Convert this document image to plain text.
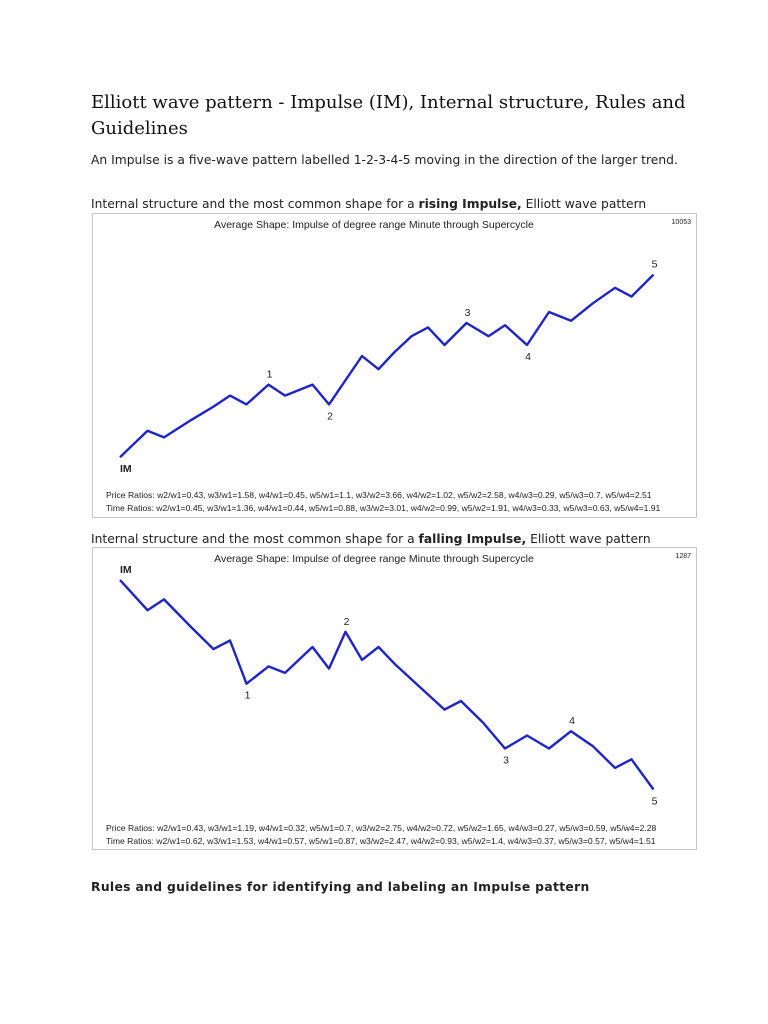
Elliott wave pattern - Impulse (IM), Internal structure, Rules and Guidelines

An Impulse is a five-wave pattern labelled 1-2-3-4-5 moving in the direction of the larger trend.

Internal structure and the most common shape for a rising Impulse, Elliott wave pattern

Average Shape: Impulse of degree range Minute through Supercycle	10053
IM
1
2
3
4
5
Price Ratios: w2/w1=0.43, w3/w1=1.58, w4/w1=0.45, w5/w1=1.1, w3/w2=3.66, w4/w2=1.02, w5/w2=2.58, w4/w3=0.29, w5/w3=0.7, w5/w4=2.51
Time Ratios: w2/w1=0.45, w3/w1=1.36, w4/w1=0.44, w5/w1=0.88, w3/w2=3.01, w4/w2=0.99, w5/w2=1.91, w4/w3=0.33, w5/w3=0.63, w5/w4=1.91

Internal structure and the most common shape for a falling Impulse, Elliott wave pattern

Average Shape: Impulse of degree range Minute through Supercycle	1287
IM
1
2
3
4
5
Price Ratios: w2/w1=0.43, w3/w1=1.19, w4/w1=0.32, w5/w1=0.7, w3/w2=2.75, w4/w2=0.72, w5/w2=1.65, w4/w3=0.27, w5/w3=0.59, w5/w4=2.28
Time Ratios: w2/w1=0.62, w3/w1=1.53, w4/w1=0.57, w5/w1=0.87, w3/w2=2.47, w4/w2=0.93, w5/w2=1.4, w4/w3=0.37, w5/w3=0.57, w5/w4=1.51

Rules and guidelines for identifying and labeling an Impulse pattern
